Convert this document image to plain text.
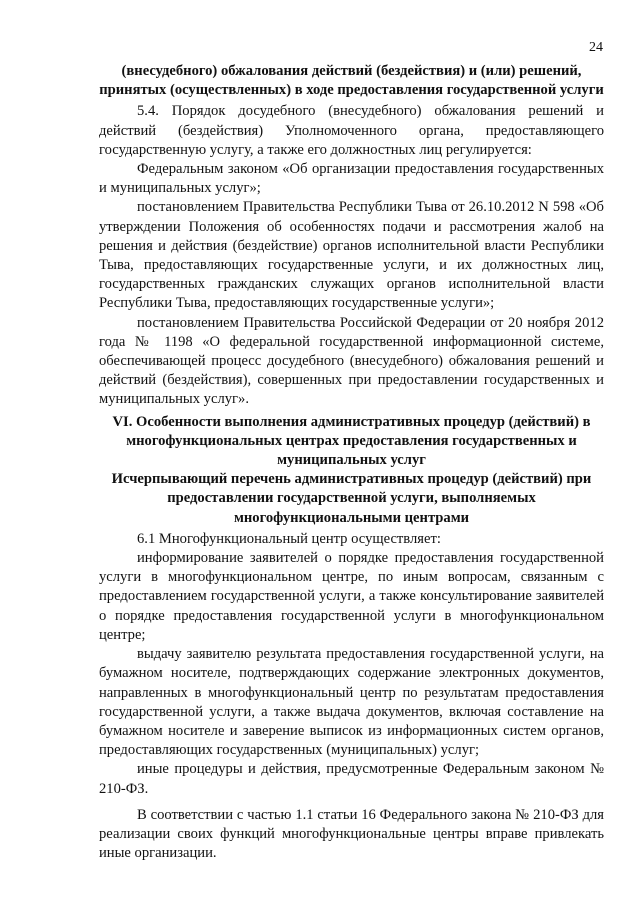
24

(внесудебного) обжалования действий (бездействия) и (или) решений, принятых (осуществленных) в ходе предоставления государственной услуги

5.4. Порядок досудебного (внесудебного) обжалования решений и действий (бездействия) Уполномоченного органа, предоставляющего государственную услугу, а также его должностных лиц регулируется:

Федеральным законом «Об организации предоставления государственных и муниципальных услуг»;

постановлением Правительства Республики Тыва от 26.10.2012 N 598 «Об утверждении Положения об особенностях подачи и рассмотрения жалоб на решения и действия (бездействие) органов исполнительной власти Республики Тыва, предоставляющих государственные услуги, и их должностных лиц, государственных гражданских служащих органов исполнительной власти Республики Тыва, предоставляющих государственные услуги»;

постановлением Правительства Российской Федерации от 20 ноября 2012 года № 1198 «О федеральной государственной информационной системе, обеспечивающей процесс досудебного (внесудебного) обжалования решений и действий (бездействия), совершенных при предоставлении государственных и муниципальных услуг».

VI. Особенности выполнения административных процедур (действий) в многофункциональных центрах предоставления государственных и муниципальных услуг

Исчерпывающий перечень административных процедур (действий) при предоставлении государственной услуги, выполняемых многофункциональными центрами

6.1 Многофункциональный центр осуществляет:

информирование заявителей о порядке предоставления государственной услуги в многофункциональном центре, по иным вопросам, связанным с предоставлением государственной услуги, а также консультирование заявителей о порядке предоставления государственной услуги в многофункциональном центре;

выдачу заявителю результата предоставления государственной услуги, на бумажном носителе, подтверждающих содержание электронных документов, направленных в многофункциональный центр по результатам предоставления государственной услуги, а также выдача документов, включая составление на бумажном носителе и заверение выписок из информационных систем органов, предоставляющих государственных (муниципальных) услуг;

иные процедуры и действия, предусмотренные Федеральным законом № 210-ФЗ.

В соответствии с частью 1.1 статьи 16 Федерального закона № 210-ФЗ для реализации своих функций многофункциональные центры вправе привлекать иные организации.
